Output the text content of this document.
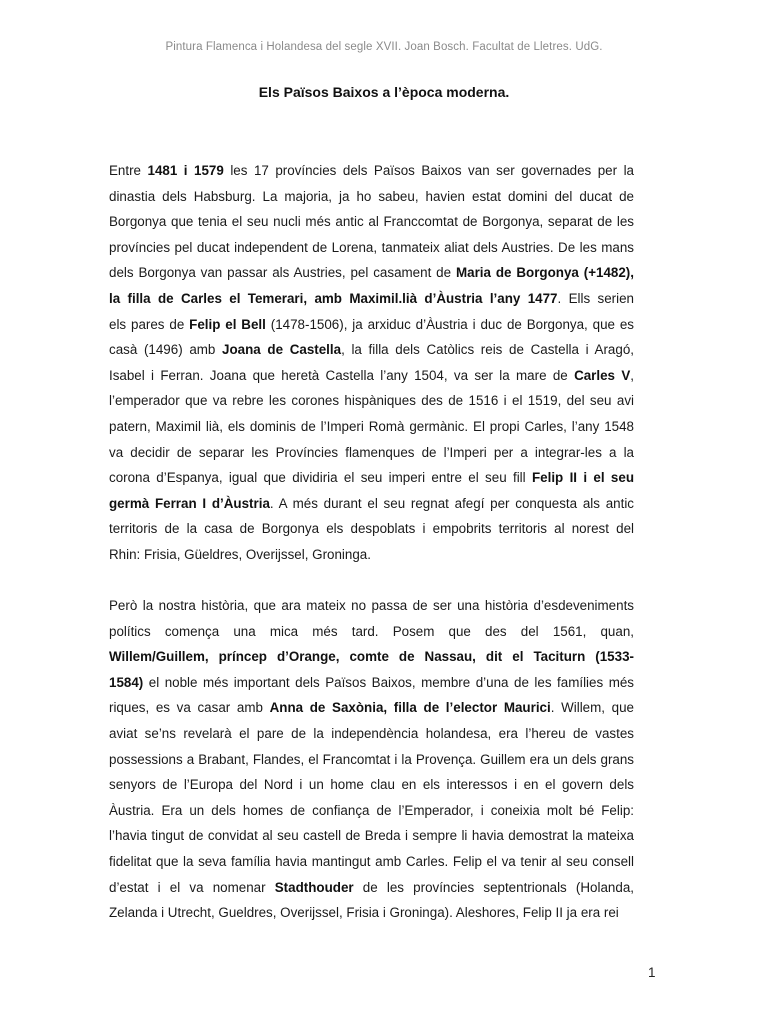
Pintura Flamenca i Holandesa del segle XVII. Joan Bosch. Facultat de Lletres. UdG.
Els Països Baixos a l’època moderna.

Entre 1481 i 1579 les 17 províncies dels Països Baixos van ser governades per la
dinastia dels Habsburg. La majoria, ja ho sabeu, havien estat domini del ducat de
Borgonya que tenia el seu nucli més antic al Franccomtat de Borgonya, separat de les
províncies pel ducat independent de Lorena, tanmateix aliat dels Austries. De les mans
dels Borgonya van passar als Austries, pel casament de Maria de Borgonya (+1482),
la filla de Carles el Temerari, amb Maximil.lià d’Àustria l’any 1477. Ells serien
els pares de Felip el Bell (1478-1506), ja arxiduc d’Àustria i duc de Borgonya, que es
casà (1496) amb Joana de Castella, la filla dels Catòlics reis de Castella i Aragó,
Isabel i Ferran. Joana que heretà Castella l’any 1504, va ser la mare de Carles V,
l’emperador que va rebre les corones hispàniques des de 1516 i el 1519, del seu avi
patern, Maximil lià, els dominis de l’Imperi Romà germànic. El propi Carles, l’any 1548
va decidir de separar les Províncies flamenques de l’Imperi per a integrar-les a la
corona d’Espanya, igual que dividiria el seu imperi entre el seu fill Felip II i el seu
germà Ferran I d’Àustria. A més durant el seu regnat afegí per conquesta als antic
territoris de la casa de Borgonya els despoblats i empobrits territoris al norest del
Rhin: Frisia, Güeldres, Overijssel, Groninga.

Però la nostra història, que ara mateix no passa de ser una història d’esdeveniments
polítics comença una mica més tard. Posem que des del 1561, quan,
Willem/Guillem, príncep d’Orange, comte de Nassau, dit el Taciturn (1533-
1584) el noble més important dels Països Baixos, membre d’una de les famílies més
riques, es va casar amb Anna de Saxònia, filla de l’elector Maurici. Willem, que
aviat se’ns revelarà el pare de la independència holandesa, era l’hereu de vastes
possessions a Brabant, Flandes, el Francomtat i la Provença. Guillem era un dels grans
senyors de l’Europa del Nord i un home clau en els interessos i en el govern dels
Àustria. Era un dels homes de confiança de l’Emperador, i coneixia molt bé Felip:
l’havia tingut de convidat al seu castell de Breda i sempre li havia demostrat la mateixa
fidelitat que la seva família havia mantingut amb Carles. Felip el va tenir al seu consell
d’estat i el va nomenar Stadthouder de les províncies septentrionals (Holanda,
Zelanda i Utrecht, Gueldres, Overijssel, Frisia i Groninga). Aleshores, Felip II ja era rei

1
